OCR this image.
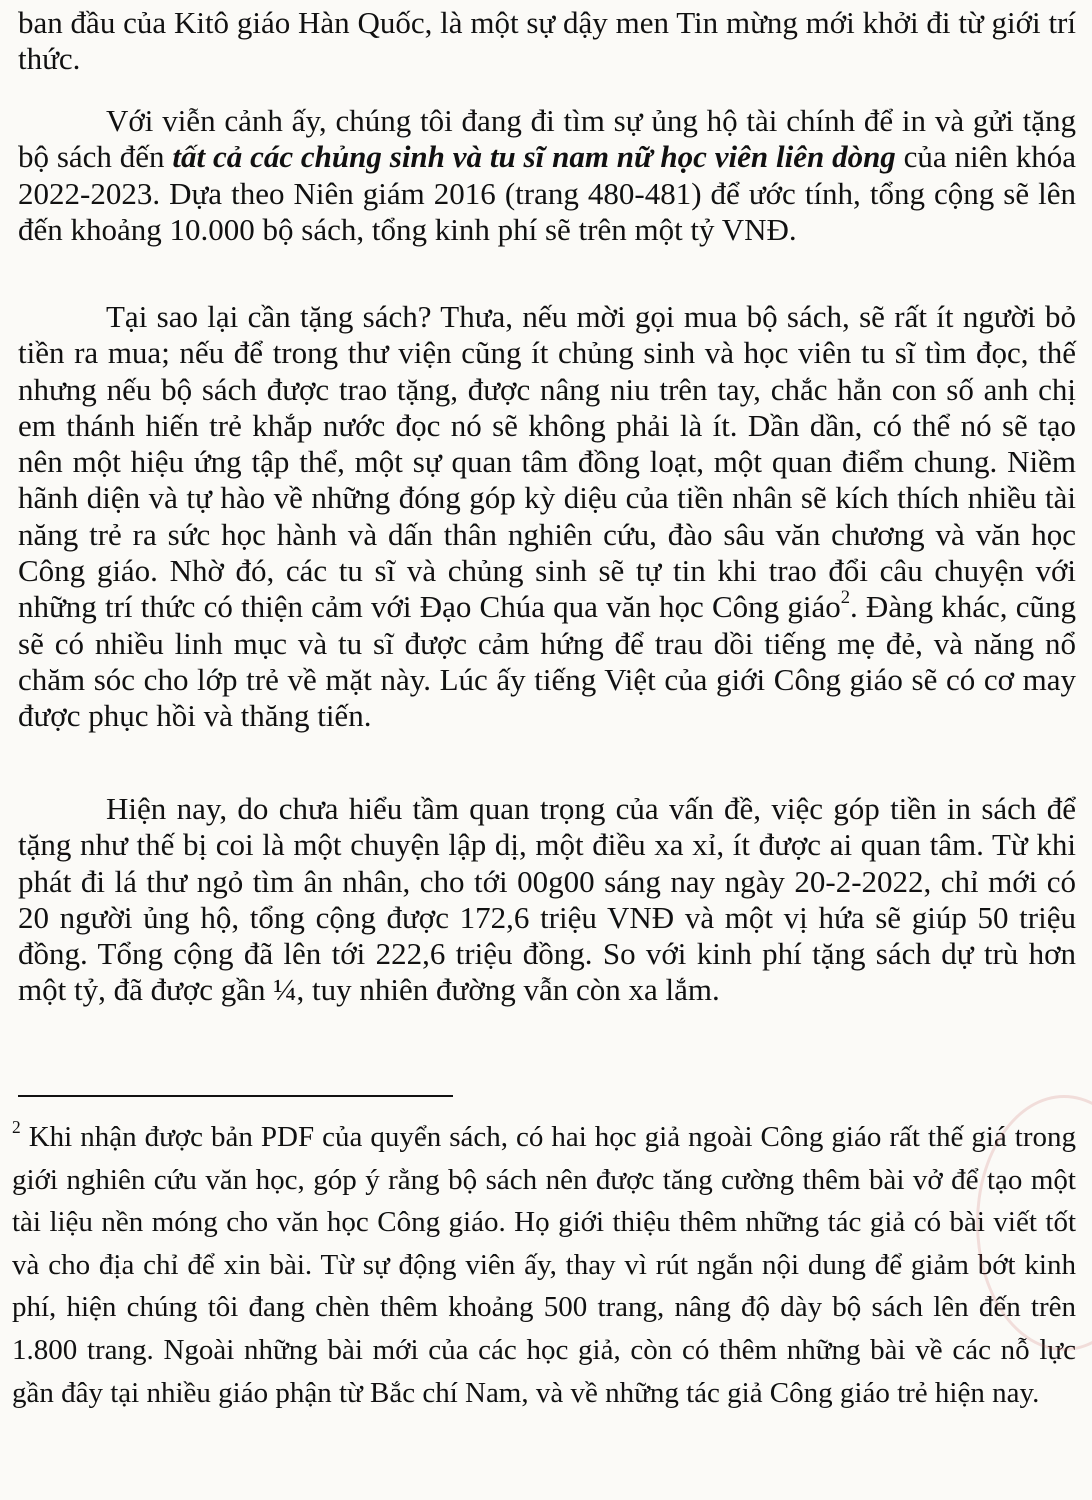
ban đầu của Kitô giáo Hàn Quốc, là một sự dậy men Tin mừng mới khởi đi từ giới trí thức.

Với viễn cảnh ấy, chúng tôi đang đi tìm sự ủng hộ tài chính để in và gửi tặng bộ sách đến tất cả các chủng sinh và tu sĩ nam nữ học viên liên dòng của niên khóa 2022-2023. Dựa theo Niên giám 2016 (trang 480-481) để ước tính, tổng cộng sẽ lên đến khoảng 10.000 bộ sách, tổng kinh phí sẽ trên một tỷ VNĐ.

Tại sao lại cần tặng sách? Thưa, nếu mời gọi mua bộ sách, sẽ rất ít người bỏ tiền ra mua; nếu để trong thư viện cũng ít chủng sinh và học viên tu sĩ tìm đọc, thế nhưng nếu bộ sách được trao tặng, được nâng niu trên tay, chắc hẳn con số anh chị em thánh hiến trẻ khắp nước đọc nó sẽ không phải là ít. Dần dần, có thể nó sẽ tạo nên một hiệu ứng tập thể, một sự quan tâm đồng loạt, một quan điểm chung. Niềm hãnh diện và tự hào về những đóng góp kỳ diệu của tiền nhân sẽ kích thích nhiều tài năng trẻ ra sức học hành và dấn thân nghiên cứu, đào sâu văn chương và văn học Công giáo. Nhờ đó, các tu sĩ và chủng sinh sẽ tự tin khi trao đổi câu chuyện với những trí thức có thiện cảm với Đạo Chúa qua văn học Công giáo$^2$. Đàng khác, cũng sẽ có nhiều linh mục và tu sĩ được cảm hứng để trau dồi tiếng mẹ đẻ, và năng nổ chăm sóc cho lớp trẻ về mặt này. Lúc ấy tiếng Việt của giới Công giáo sẽ có cơ may được phục hồi và thăng tiến.

Hiện nay, do chưa hiểu tầm quan trọng của vấn đề, việc góp tiền in sách để tặng như thế bị coi là một chuyện lập dị, một điều xa xỉ, ít được ai quan tâm. Từ khi phát đi lá thư ngỏ tìm ân nhân, cho tới 00g00 sáng nay ngày 20-2-2022, chỉ mới có 20 người ủng hộ, tổng cộng được 172,6 triệu VNĐ và một vị hứa sẽ giúp 50 triệu đồng. Tổng cộng đã lên tới 222,6 triệu đồng. So với kinh phí tặng sách dự trù hơn một tỷ, đã được gần ¼, tuy nhiên đường vẫn còn xa lắm.

$^2$ Khi nhận được bản PDF của quyển sách, có hai học giả ngoài Công giáo rất thế giá trong giới nghiên cứu văn học, góp ý rằng bộ sách nên được tăng cường thêm bài vở để tạo một tài liệu nền móng cho văn học Công giáo. Họ giới thiệu thêm những tác giả có bài viết tốt và cho địa chỉ để xin bài. Từ sự động viên ấy, thay vì rút ngắn nội dung để giảm bớt kinh phí, hiện chúng tôi đang chèn thêm khoảng 500 trang, nâng độ dày bộ sách lên đến trên 1.800 trang. Ngoài những bài mới của các học giả, còn có thêm những bài về các nỗ lực gần đây tại nhiều giáo phận từ Bắc chí Nam, và về những tác giả Công giáo trẻ hiện nay.
